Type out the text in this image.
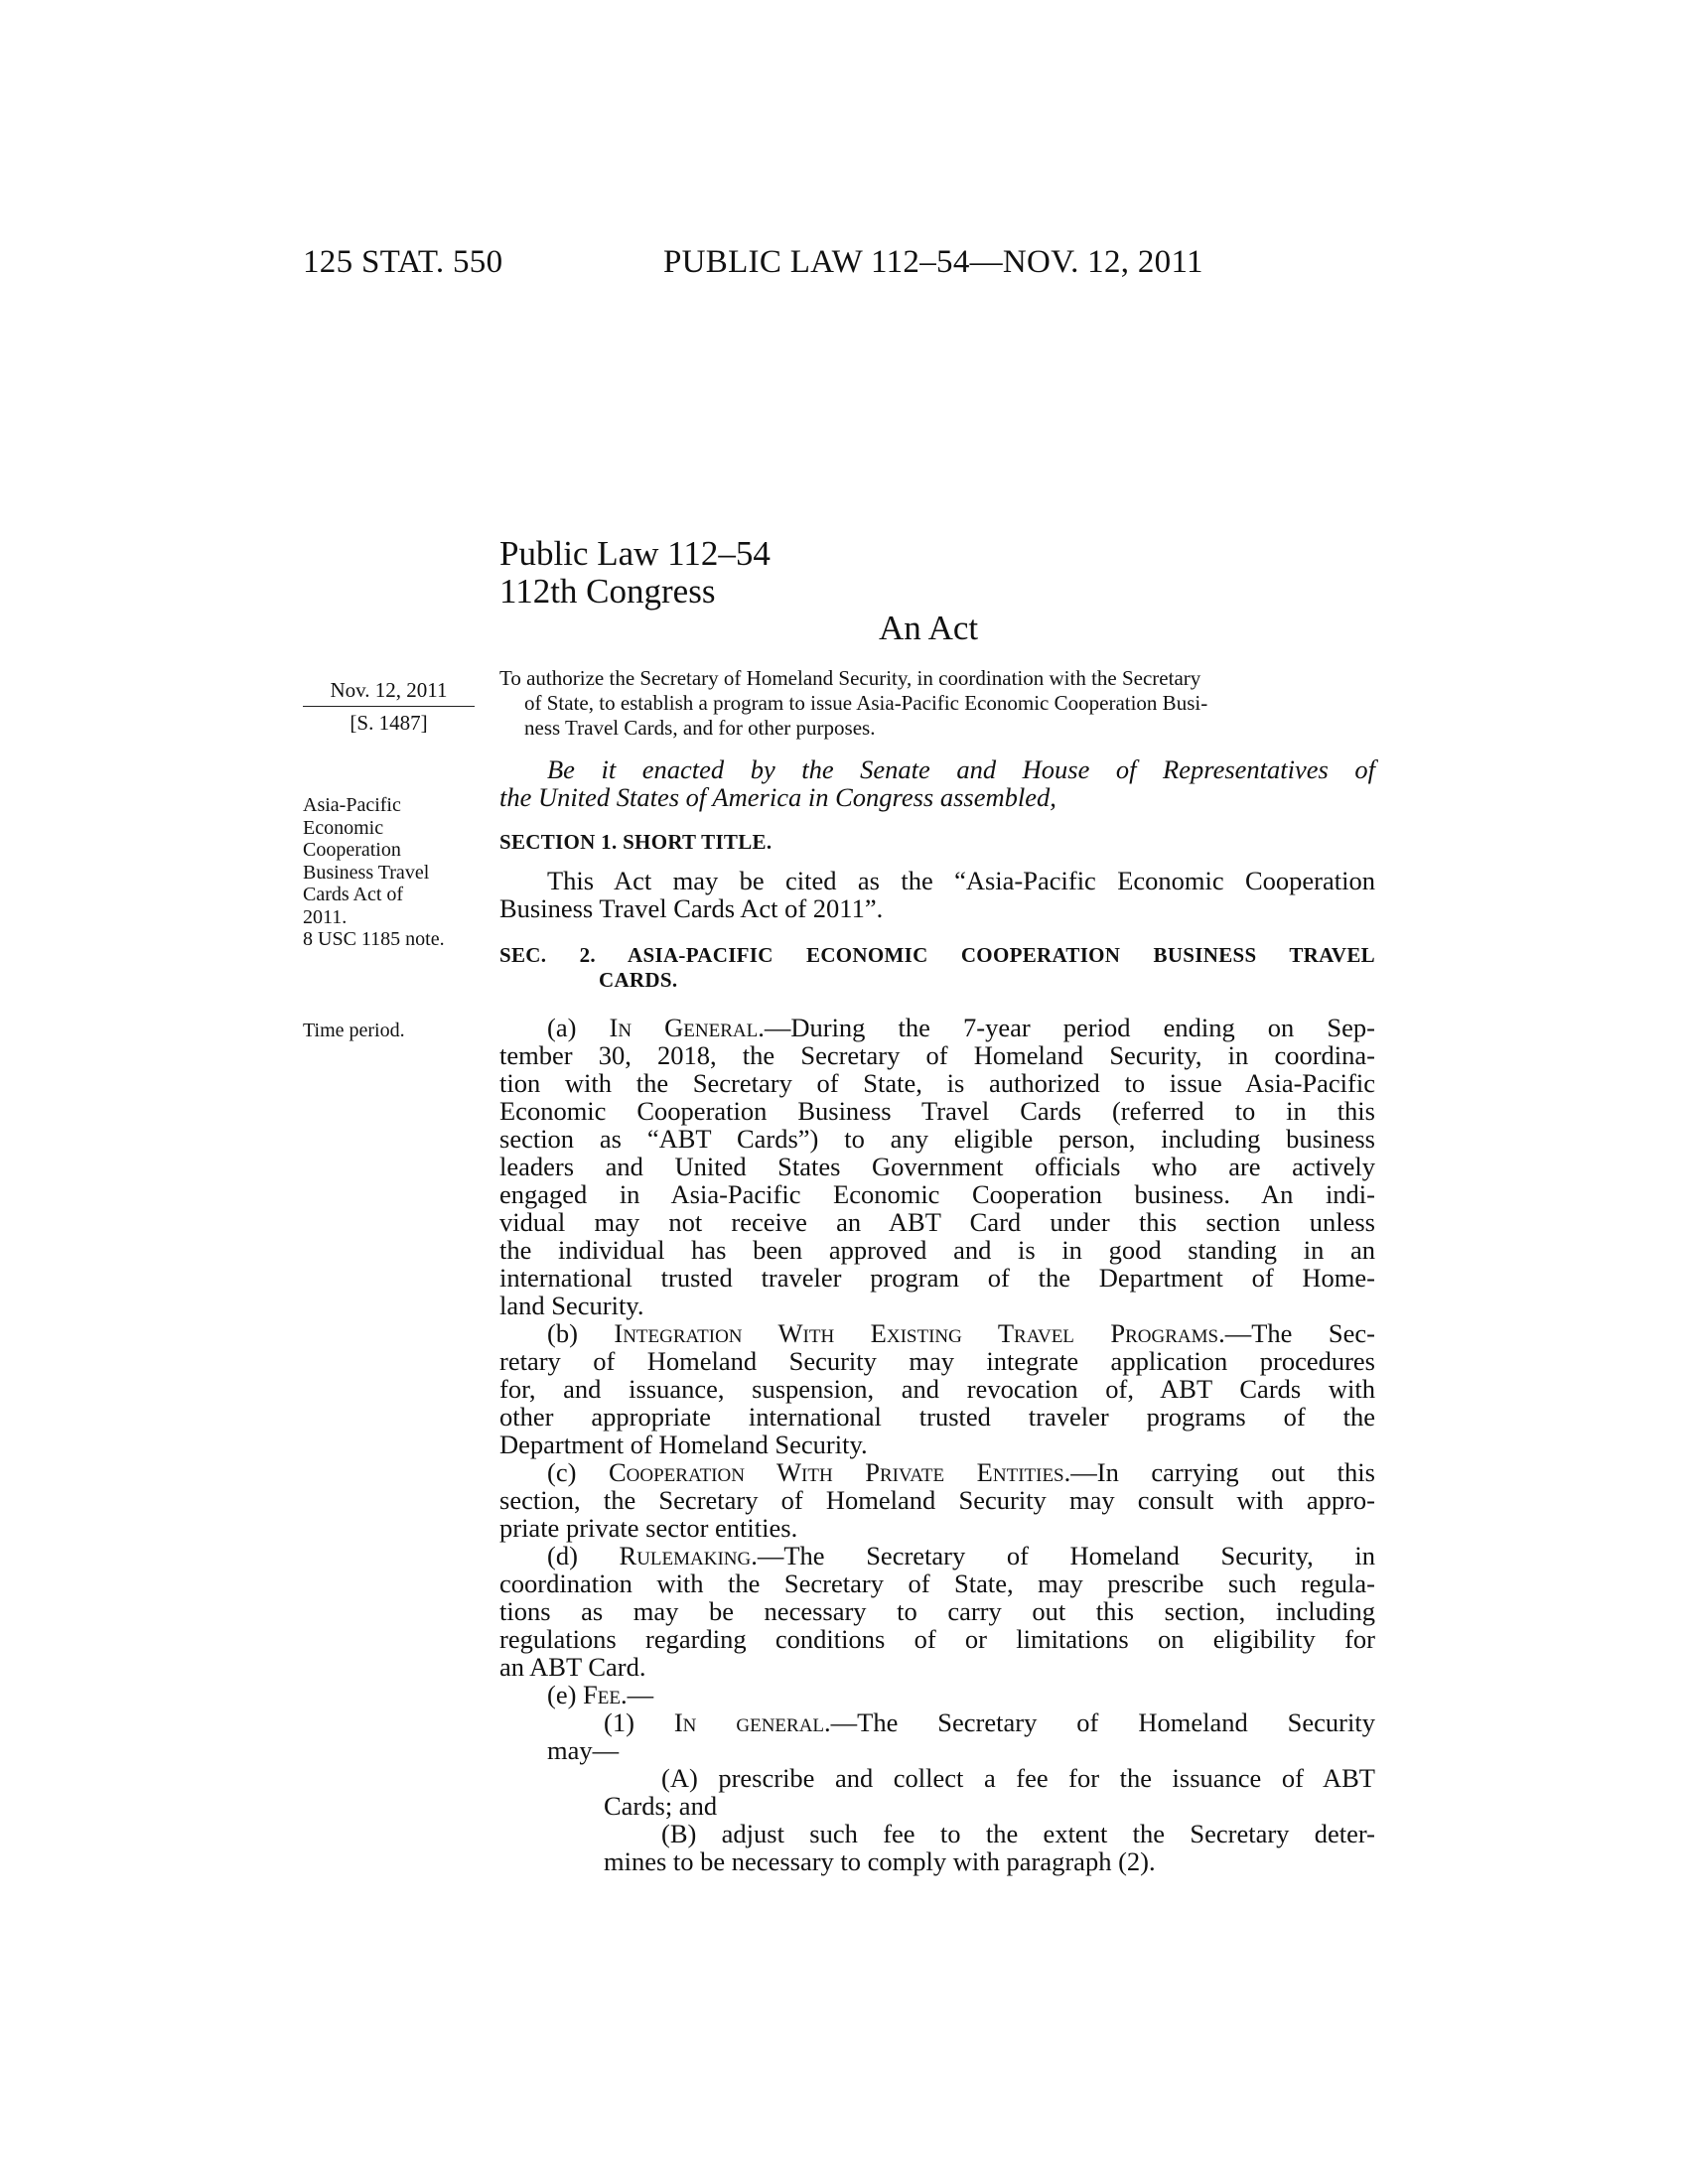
125 STAT. 550	PUBLIC LAW 112–54—NOV. 12, 2011
Public Law 112–54
112th Congress
An Act
Nov. 12, 2011
[S. 1487]
Asia-Pacific
Economic
Cooperation
Business Travel
Cards Act of
2011.
8 USC 1185 note.
Time period.
To authorize the Secretary of Homeland Security, in coordination with the Secretary
of State, to establish a program to issue Asia-Pacific Economic Cooperation Busi-
ness Travel Cards, and for other purposes.
Be it enacted by the Senate and House of Representatives of
the United States of America in Congress assembled,
SECTION 1. SHORT TITLE.
This Act may be cited as the “Asia-Pacific Economic Cooperation
Business Travel Cards Act of 2011”.
SEC. 2. ASIA-PACIFIC ECONOMIC COOPERATION BUSINESS TRAVEL
CARDS.
(a) In General.—During the 7-year period ending on Sep-
tember 30, 2018, the Secretary of Homeland Security, in coordina-
tion with the Secretary of State, is authorized to issue Asia-Pacific
Economic Cooperation Business Travel Cards (referred to in this
section as “ABT Cards”) to any eligible person, including business
leaders and United States Government officials who are actively
engaged in Asia-Pacific Economic Cooperation business. An indi-
vidual may not receive an ABT Card under this section unless
the individual has been approved and is in good standing in an
international trusted traveler program of the Department of Home-
land Security.
(b) Integration With Existing Travel Programs.—The Sec-
retary of Homeland Security may integrate application procedures
for, and issuance, suspension, and revocation of, ABT Cards with
other appropriate international trusted traveler programs of the
Department of Homeland Security.
(c) Cooperation With Private Entities.—In carrying out this
section, the Secretary of Homeland Security may consult with appro-
priate private sector entities.
(d) Rulemaking.—The Secretary of Homeland Security, in
coordination with the Secretary of State, may prescribe such regula-
tions as may be necessary to carry out this section, including
regulations regarding conditions of or limitations on eligibility for
an ABT Card.
(e) Fee.—
(1) In general.—The Secretary of Homeland Security
may—
(A) prescribe and collect a fee for the issuance of ABT
Cards; and
(B) adjust such fee to the extent the Secretary deter-
mines to be necessary to comply with paragraph (2).
